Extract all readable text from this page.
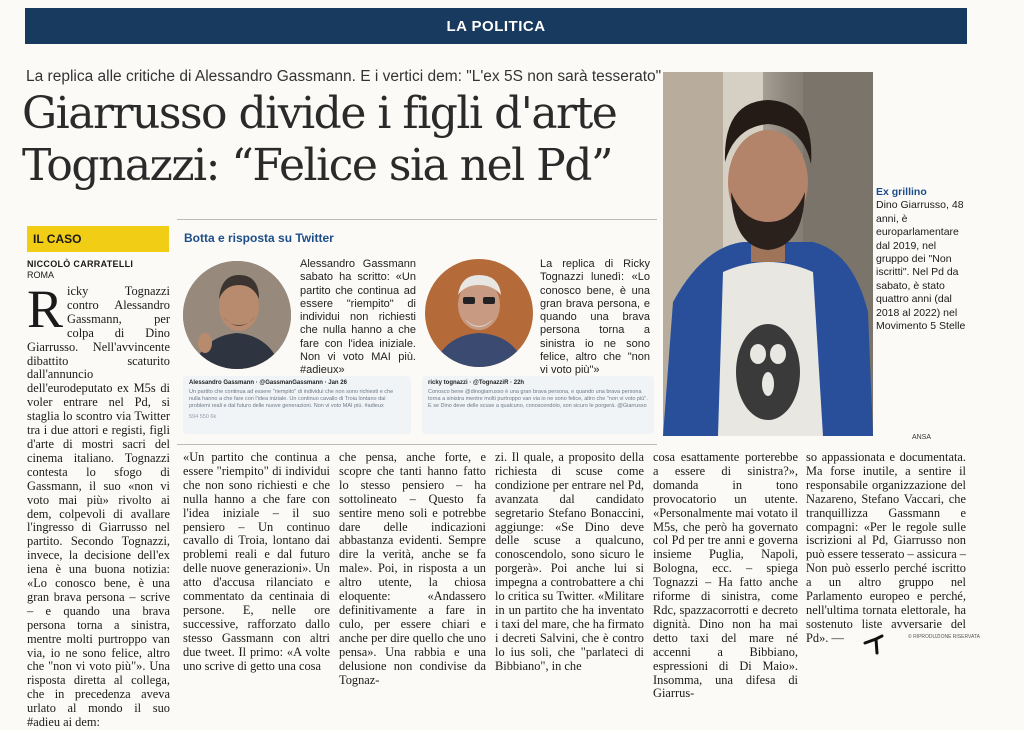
LA POLITICA
La replica alle critiche di Alessandro Gassmann. E i vertici dem: "L'ex 5S non sarà tesserato"
Giarrusso divide i figli d'arte
Tognazzi: “Felice sia nel Pd”
ANSA
Ex grillino
Dino Giarrusso, 48 anni, è europarlamentare dal 2019, nel gruppo dei "Non iscritti". Nel Pd da sabato, è stato quattro anni (dal 2018 al 2022) nel Movimento 5 Stelle
IL CASO
NICCOLÒ CARRATELLI
ROMA

Ricky Tognazzi contro Alessandro Gassmann, per colpa di Dino Giarrusso. Nell'avvincente dibattito scaturito dall'annuncio dell'eurodeputato ex M5s di voler entrare nel Pd, si staglia lo scontro via Twitter tra i due attori e registi, figli d'arte di mostri sacri del cinema italiano. Tognazzi contesta lo sfogo di Gassmann, il suo «non vi voto mai più» rivolto ai dem, colpevoli di avallare l'ingresso di Giarrusso nel partito. Secondo Tognazzi, invece, la decisione dell'ex iena è una buona notizia: «Lo conosco bene, è una gran brava persona – scrive – e quando una brava persona torna a sinistra, mentre molti purtroppo van via, io ne sono felice, altro che "non vi voto più"». Una risposta diretta al collega, che in precedenza aveva urlato al mondo il suo #adieu ai dem:

Botta e risposta su Twitter

Alessandro Gassmann sabato ha scritto: «Un partito che continua ad essere "riempito" di individui non richiesti che nulla hanno a che fare con l'idea iniziale. Non vi voto MAI più. #adieux»

La replica di Ricky Tognazzi lunedì: «Lo conosco bene, è una gran brava persona, e quando una brava persona torna a sinistra io ne sono felice, altro che "non vi voto più"»

Alessandro Gassmann · @GassmanGassmann · Jan 26
Un partito che continua ad essere "riempito" di individui che non sono richiesti e che nulla hanno a che fare con l'idea iniziale. Un continuo cavallo di Troia lontano dai problemi reali e dal futuro delle nuove generazioni. Non vi voto MAI più. #adieux
594 550 6k
ricky tognazzi · @TognazziR · 22h
Conosco bene @dinogiarrusso è una gran brava persona, e quando una brava persona torna a sinistra mentre molti purtroppo van via io ne sono felice, altro che "non vi voto più". E se Dino deve delle scuse a qualcuno, conoscendolo, son sicuro le porgerà. @Giarrusso

«Un partito che continua a essere "riempito" di individui che non sono richiesti e che nulla hanno a che fare con l'idea iniziale – il suo pensiero – Un continuo cavallo di Troia, lontano dai problemi reali e dal futuro delle nuove generazioni». Un atto d'accusa rilanciato e commentato da centinaia di persone. E, nelle ore successive, rafforzato dallo stesso Gassmann con altri due tweet. Il primo: «A volte uno scrive di getto una cosa

che pensa, anche forte, e scopre che tanti hanno fatto lo stesso pensiero – ha sottolineato – Questo fa sentire meno soli e potrebbe dare delle indicazioni abbastanza evidenti. Sempre dire la verità, anche se fa male». Poi, in risposta a un altro utente, la chiosa eloquente: «Andassero definitivamente a fare in culo, per essere chiari e anche per dire quello che uno pensa». Una rabbia e una delusione non condivise da Tognaz-

zi. Il quale, a proposito della richiesta di scuse come condizione per entrare nel Pd, avanzata dal candidato segretario Stefano Bonaccini, aggiunge: «Se Dino deve delle scuse a qualcuno, conoscendolo, sono sicuro le porgerà». Poi anche lui si impegna a controbattere a chi lo critica su Twitter. «Militare in un partito che ha inventato i taxi del mare, che ha firmato i decreti Salvini, che è contro lo ius soli, che "parlateci di Bibbiano", in che

cosa esattamente porterebbe a essere di sinistra?», domanda in tono provocatorio un utente. «Personalmente mai votato il M5s, che però ha governato col Pd per tre anni e governa insieme Puglia, Napoli, Bologna, ecc. – spiega Tognazzi – Ha fatto anche riforme di sinistra, come Rdc, spazzacorrotti e decreto dignità. Dino non ha mai detto taxi del mare né accenni a Bibbiano, espressioni di Di Maio». Insomma, una difesa di Giarrus-

so appassionata e documentata. Ma forse inutile, a sentire il responsabile organizzazione del Nazareno, Stefano Vaccari, che tranquillizza Gassmann e compagni: «Per le regole sulle iscrizioni al Pd, Giarrusso non può essere tesserato – assicura – Non può esserlo perché iscritto a un altro gruppo nel Parlamento europeo e perché, nell'ultima tornata elettorale, ha sostenuto liste avversarie del Pd». —	© RIPRODUZIONE RISERVATA
